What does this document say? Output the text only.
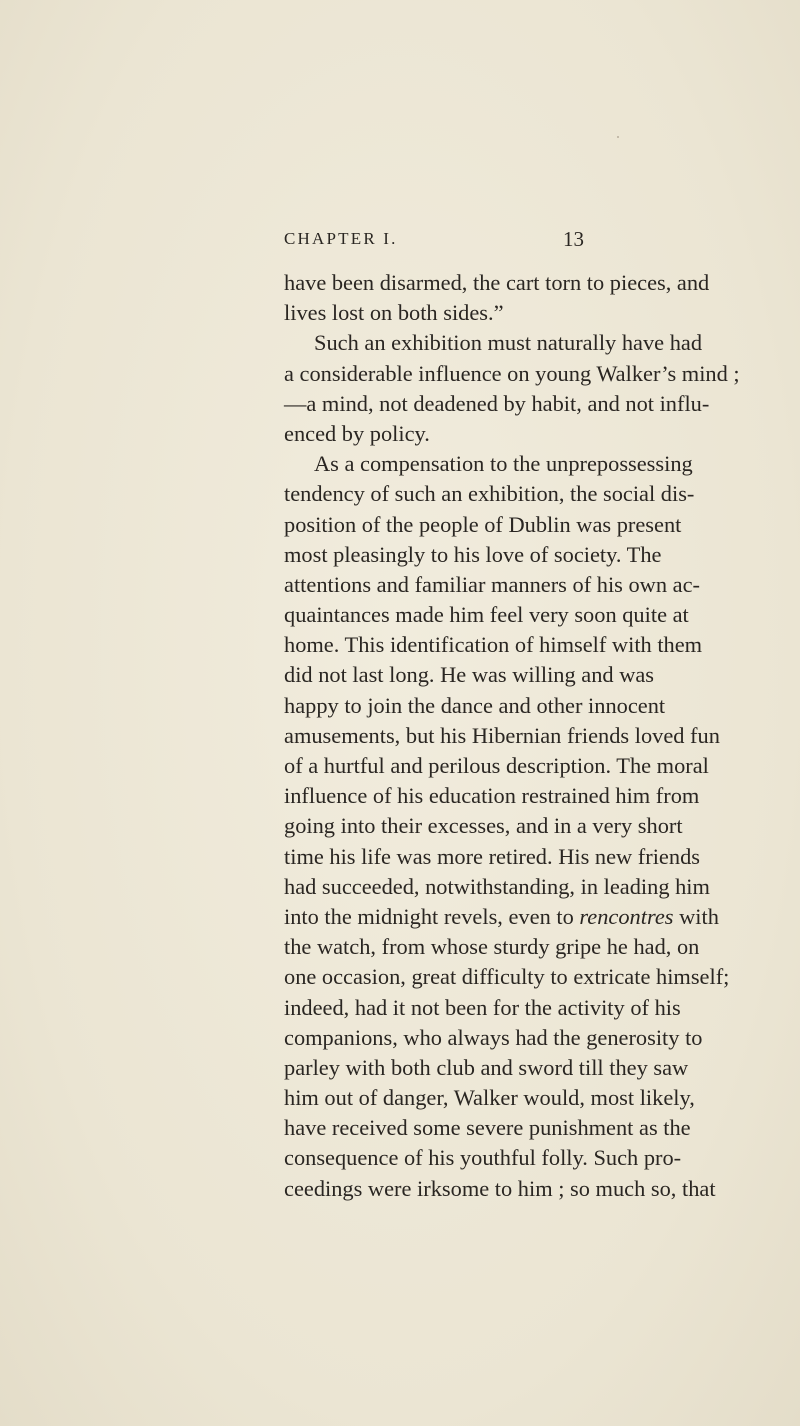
CHAPTER I.	13
have been disarmed, the cart torn to pieces, and
lives lost on both sides.”
Such an exhibition must naturally have had
a considerable influence on young Walker’s mind ;
—a mind, not deadened by habit, and not influ-
enced by policy.
As a compensation to the unprepossessing
tendency of such an exhibition, the social dis-
position of the people of Dublin was present
most pleasingly to his love of society. The
attentions and familiar manners of his own ac-
quaintances made him feel very soon quite at
home. This identification of himself with them
did not last long. He was willing and was
happy to join the dance and other innocent
amusements, but his Hibernian friends loved fun
of a hurtful and perilous description. The moral
influence of his education restrained him from
going into their excesses, and in a very short
time his life was more retired. His new friends
had succeeded, notwithstanding, in leading him
into the midnight revels, even to rencontres with
the watch, from whose sturdy gripe he had, on
one occasion, great difficulty to extricate himself;
indeed, had it not been for the activity of his
companions, who always had the generosity to
parley with both club and sword till they saw
him out of danger, Walker would, most likely,
have received some severe punishment as the
consequence of his youthful folly. Such pro-
ceedings were irksome to him ; so much so, that
